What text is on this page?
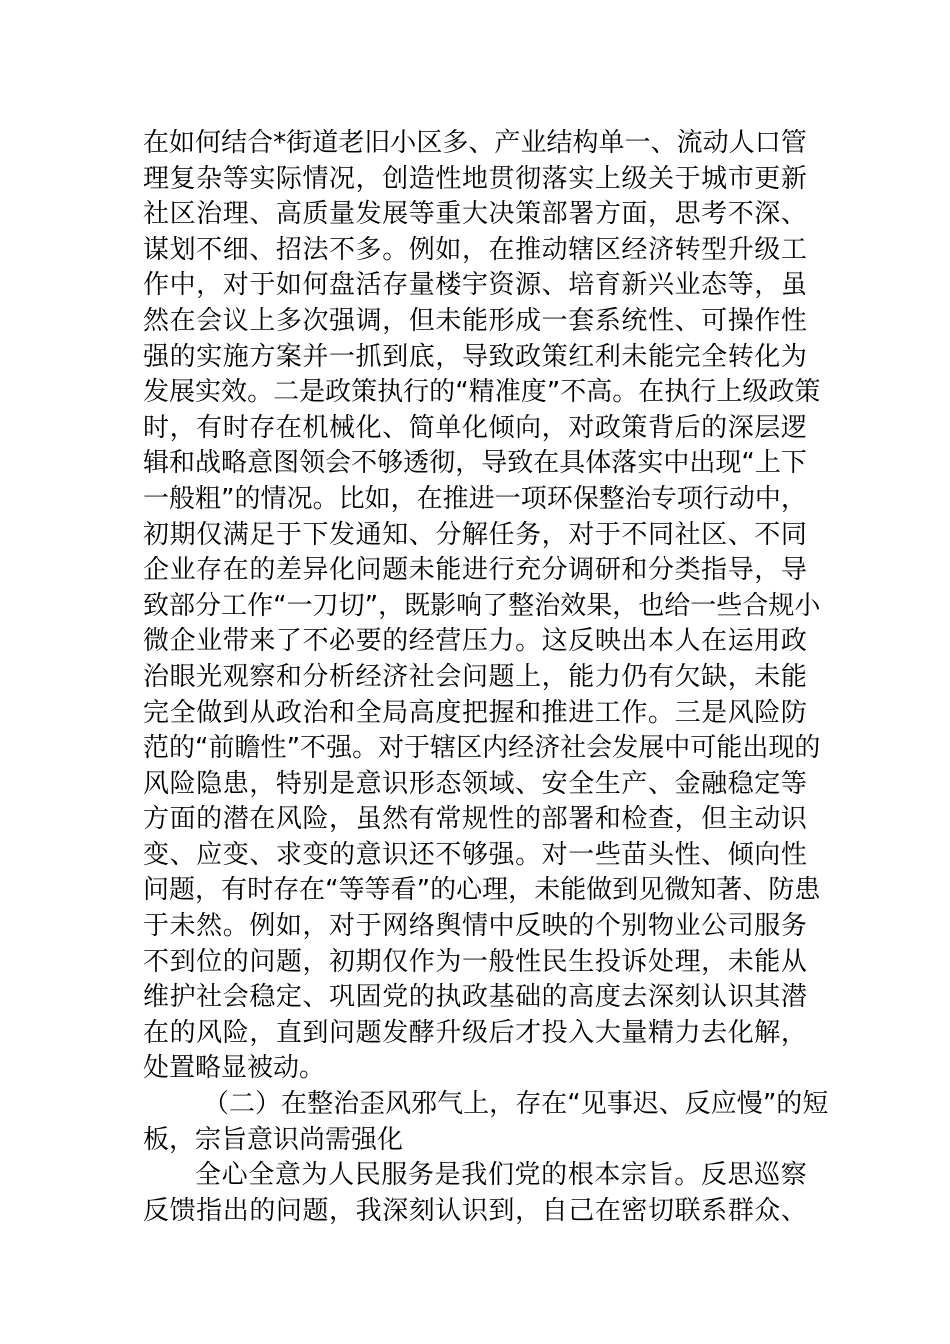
在 如 何 结 合 * 街 道 老 旧 小 区 多 、 产 业 结 构 单 一 、 流 动 人 口 管
理 复 杂 等 实 际 情 况 ， 创 造 性 地 贯 彻 落 实 上 级 关 于 城 市 更 新
社 区 治 理 、 高 质 量 发 展 等 重 大 决 策 部 署 方 面 ， 思 考 不 深 、
谋 划 不 细 、 招 法 不 多 。 例 如 ， 在 推 动 辖 区 经 济 转 型 升 级 工
作 中 ， 对 于 如 何 盘 活 存 量 楼 宇 资 源 、 培 育 新 兴 业 态 等 ， 虽
然 在 会 议 上 多 次 强 调 ， 但 未 能 形 成 一 套 系 统 性 、 可 操 作 性
强 的 实 施 方 案 并 一 抓 到 底 ， 导 致 政 策 红 利 未 能 完 全 转 化 为
发 展 实 效 。 二 是 政 策 执 行 的 “ 精 准 度 ” 不 高 。 在 执 行 上 级 政 策
时 ， 有 时 存 在 机 械 化 、 简 单 化 倾 向 ， 对 政 策 背 后 的 深 层 逻
辑 和 战 略 意 图 领 会 不 够 透 彻 ， 导 致 在 具 体 落 实 中 出 现 “ 上 下
一 般 粗 ” 的 情 况 。 比 如 ， 在 推 进 一 项 环 保 整 治 专 项 行 动 中 ，
初 期 仅 满 足 于 下 发 通 知 、 分 解 任 务 ， 对 于 不 同 社 区 、 不 同
企 业 存 在 的 差 异 化 问 题 未 能 进 行 充 分 调 研 和 分 类 指 导 ， 导
致 部 分 工 作 “ 一 刀 切 ” ， 既 影 响 了 整 治 效 果 ， 也 给 一 些 合 规 小
微 企 业 带 来 了 不 必 要 的 经 营 压 力 。 这 反 映 出 本 人 在 运 用 政
治 眼 光 观 察 和 分 析 经 济 社 会 问 题 上 ， 能 力 仍 有 欠 缺 ， 未 能
完 全 做 到 从 政 治 和 全 局 高 度 把 握 和 推 进 工 作 。 三 是 风 险 防
范 的 “ 前 瞻 性 ” 不 强 。 对 于 辖 区 内 经 济 社 会 发 展 中 可 能 出 现 的
风 险 隐 患 ， 特 别 是 意 识 形 态 领 域 、 安 全 生 产 、 金 融 稳 定 等
方 面 的 潜 在 风 险 ， 虽 然 有 常 规 性 的 部 署 和 检 查 ， 但 主 动 识
变 、 应 变 、 求 变 的 意 识 还 不 够 强 。 对 一 些 苗 头 性 、 倾 向 性
问 题 ， 有 时 存 在 “ 等 等 看 ” 的 心 理 ， 未 能 做 到 见 微 知 著 、 防 患
于 未 然 。 例 如 ， 对 于 网 络 舆 情 中 反 映 的 个 别 物 业 公 司 服 务
不 到 位 的 问 题 ， 初 期 仅 作 为 一 般 性 民 生 投 诉 处 理 ， 未 能 从
维 护 社 会 稳 定 、 巩 固 党 的 执 政 基 础 的 高 度 去 深 刻 认 识 其 潜
在 的 风 险 ， 直 到 问 题 发 酵 升 级 后 才 投 入 大 量 精 力 去 化 解 ，
处置略显被动。
（ 二 ） 在 整 治 歪 风 邪 气 上 ， 存 在 “ 见 事 迟 、 反 应 慢 ” 的 短
板，宗旨意识尚需强化
全 心 全 意 为 人 民 服 务 是 我 们 党 的 根 本 宗 旨 。 反 思 巡 察
反 馈 指 出 的 问 题 ， 我 深 刻 认 识 到 ， 自 己 在 密 切 联 系 群 众 、
